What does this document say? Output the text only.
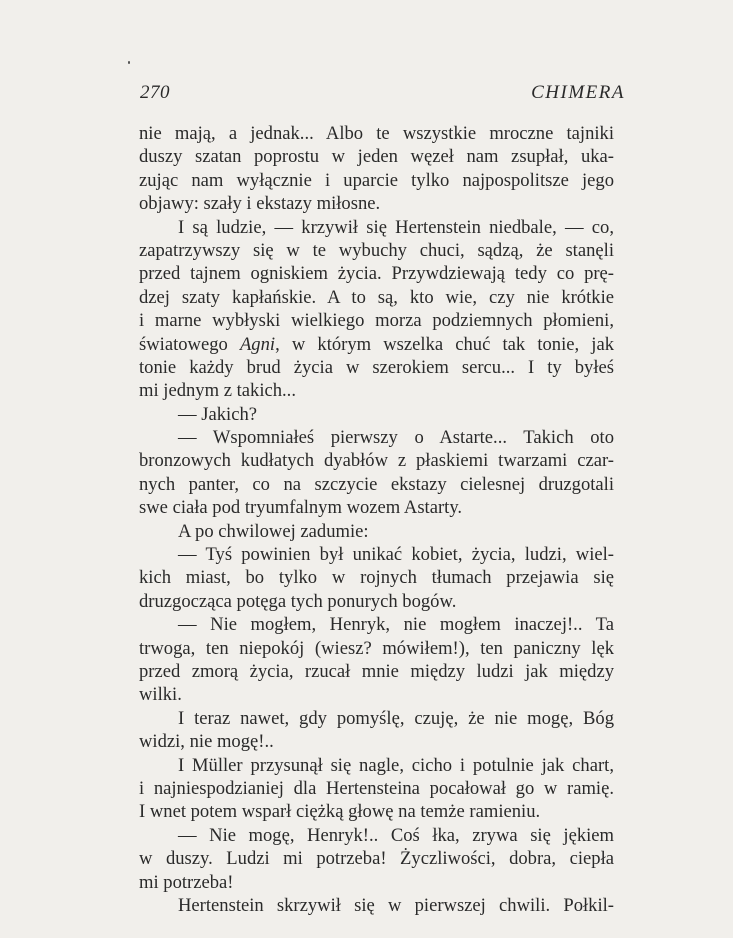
270	CHIMERA
nie mają, a jednak... Albo te wszystkie mroczne tajniki
duszy szatan poprostu w jeden węzeł nam zsupłał, uka-
zując nam wyłącznie i uparcie tylko najpospolitsze jego
objawy: szały i ekstazy miłosne.
I są ludzie, — krzywił się Hertenstein niedbale, — co,
zapatrzywszy się w te wybuchy chuci, sądzą, że stanęli
przed tajnem ogniskiem życia. Przywdziewają tedy co prę-
dzej szaty kapłańskie. A to są, kto wie, czy nie krótkie
i marne wybłyski wielkiego morza podziemnych płomieni,
światowego Agni, w którym wszelka chuć tak tonie, jak
tonie każdy brud życia w szerokiem sercu... I ty byłeś
mi jednym z takich...
— Jakich?
— Wspomniałeś pierwszy o Astarte... Takich oto
bronzowych kudłatych dyabłów z płaskiemi twarzami czar-
nych panter, co na szczycie ekstazy cielesnej druzgotali
swe ciała pod tryumfalnym wozem Astarty.
A po chwilowej zadumie:
— Tyś powinien był unikać kobiet, życia, ludzi, wiel-
kich miast, bo tylko w rojnych tłumach przejawia się
druzgocząca potęga tych ponurych bogów.
— Nie mogłem, Henryk, nie mogłem inaczej!.. Ta
trwoga, ten niepokój (wiesz? mówiłem!), ten paniczny lęk
przed zmorą życia, rzucał mnie między ludzi jak między
wilki.
I teraz nawet, gdy pomyślę, czuję, że nie mogę, Bóg
widzi, nie mogę!..
I Müller przysunął się nagle, cicho i potulnie jak chart,
i najniespodzianiej dla Hertensteina pocałował go w ramię.
I wnet potem wsparł ciężką głowę na temże ramieniu.
— Nie mogę, Henryk!.. Coś łka, zrywa się jękiem
w duszy. Ludzi mi potrzeba! Życzliwości, dobra, ciepła
mi potrzeba!
Hertenstein skrzywił się w pierwszej chwili. Połkil-
